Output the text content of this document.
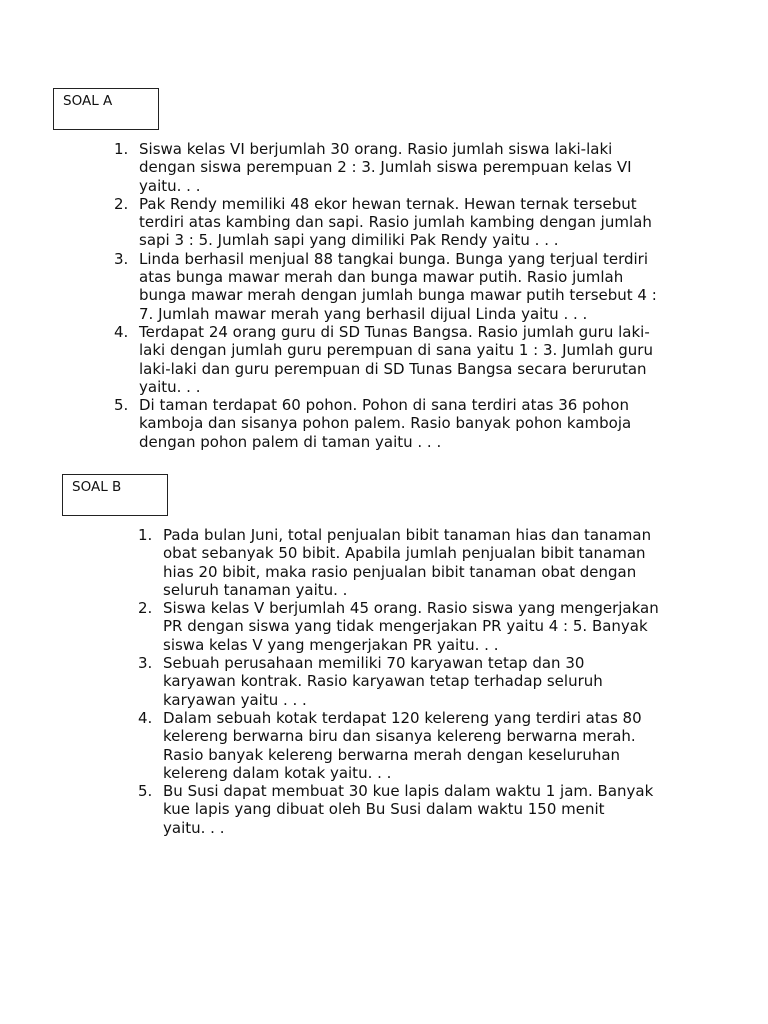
SOAL A
1. Siswa kelas VI berjumlah 30 orang. Rasio jumlah siswa laki-laki
dengan siswa perempuan 2 : 3. Jumlah siswa perempuan kelas VI
yaitu. . .
2. Pak Rendy memiliki 48 ekor hewan ternak. Hewan ternak tersebut
terdiri atas kambing dan sapi. Rasio jumlah kambing dengan jumlah
sapi 3 : 5. Jumlah sapi yang dimiliki Pak Rendy yaitu . . .
3. Linda berhasil menjual 88 tangkai bunga. Bunga yang terjual terdiri
atas bunga mawar merah dan bunga mawar putih. Rasio jumlah
bunga mawar merah dengan jumlah bunga mawar putih tersebut 4 :
7. Jumlah mawar merah yang berhasil dijual Linda yaitu . . .
4. Terdapat 24 orang guru di SD Tunas Bangsa. Rasio jumlah guru laki-
laki dengan jumlah guru perempuan di sana yaitu 1 : 3. Jumlah guru
laki-laki dan guru perempuan di SD Tunas Bangsa secara berurutan
yaitu. . .
5. Di taman terdapat 60 pohon. Pohon di sana terdiri atas 36 pohon
kamboja dan sisanya pohon palem. Rasio banyak pohon kamboja
dengan pohon palem di taman yaitu . . .
SOAL B
1. Pada bulan Juni, total penjualan bibit tanaman hias dan tanaman
obat sebanyak 50 bibit. Apabila jumlah penjualan bibit tanaman
hias 20 bibit, maka rasio penjualan bibit tanaman obat dengan
seluruh tanaman yaitu. .
2. Siswa kelas V berjumlah 45 orang. Rasio siswa yang mengerjakan
PR dengan siswa yang tidak mengerjakan PR yaitu 4 : 5. Banyak
siswa kelas V yang mengerjakan PR yaitu. . .
3. Sebuah perusahaan memiliki 70 karyawan tetap dan 30
karyawan kontrak. Rasio karyawan tetap terhadap seluruh
karyawan yaitu . . .
4. Dalam sebuah kotak terdapat 120 kelereng yang terdiri atas 80
kelereng berwarna biru dan sisanya kelereng berwarna merah.
Rasio banyak kelereng berwarna merah dengan keseluruhan
kelereng dalam kotak yaitu. . .
5. Bu Susi dapat membuat 30 kue lapis dalam waktu 1 jam. Banyak
kue lapis yang dibuat oleh Bu Susi dalam waktu 150 menit
yaitu. . .
